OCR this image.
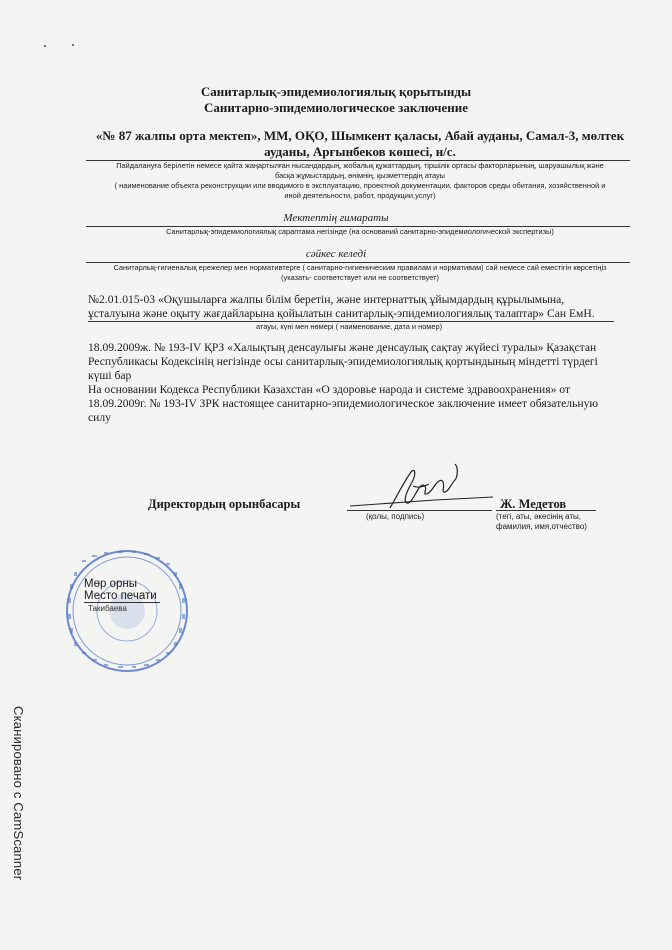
Санитарлық-эпидемиологиялық қорытынды
Санитарно-эпидемиологическое заключение
«№ 87 жалпы орта мектеп», ММ, ОҚО, Шымкент қаласы, Абай ауданы, Самал-3, мөлтек
ауданы, Арғынбеков көшесі, н/с.
Пайдалануға берілетін немесе қайта жаңартылған нысандардың, жобалық құжаттардың, тіршілік ортасы факторларының, шаруашылық және
басқа жұмыстардың, өнімнің, қызметтердің атауы
( наименование объекта реконструкции или вводимого в эксплуатацию, проектной документации, факторов среды обитания, хозяйственной и
иной деятельности, работ, продукции,услуг)
Мектептің ғимараты
Санитарлық-эпидемиологиялық сараптама негізінде (на оснований санитарно-эпидемиологической экспертизы)
сәйкес келеді
Санитарлық-гигиеналық ережелер мен нормативтерге ( санитарно-гигиеническим правилам и нормативам) сай немесе сай еместігін көрсетіңіз
(указать- соответствует или не соответствует)
№2.01.015-03 «Оқушыларға жалпы білім беретін, және интернаттық ұйымдардың құрылымына,
ұсталуына және оқыту жағдайларына қойылатын санитарлық-эпидемиологиялық талаптар» Сан ЕмН.
атауы, күні мен нөмері ( наименование, дата и номер)
18.09.2009ж. № 193-IV ҚРЗ «Халықтың денсаулығы және денсаулық сақтау жүйесі туралы» Қазақстан
Республикасы Кодексінің негізінде осы санитарлық-эпидемиологиялық қортындының міндетті түрдегі
күші бар
На основании Кодекса Республики Казахстан «О здоровье народа и системе здравоохранения» от
18.09.2009г. № 193-IV ЗРК настоящее санитарно-эпидемиологическое заключение имеет обязательную
силу
Директордың орынбасары
(қолы, подпись)
Ж. Медетов
(тегі, аты, әкесінің аты,
фамилия, имя,отчество)
Мөр орны
Место печати
Такибаева
Сканировано с CamScanner
